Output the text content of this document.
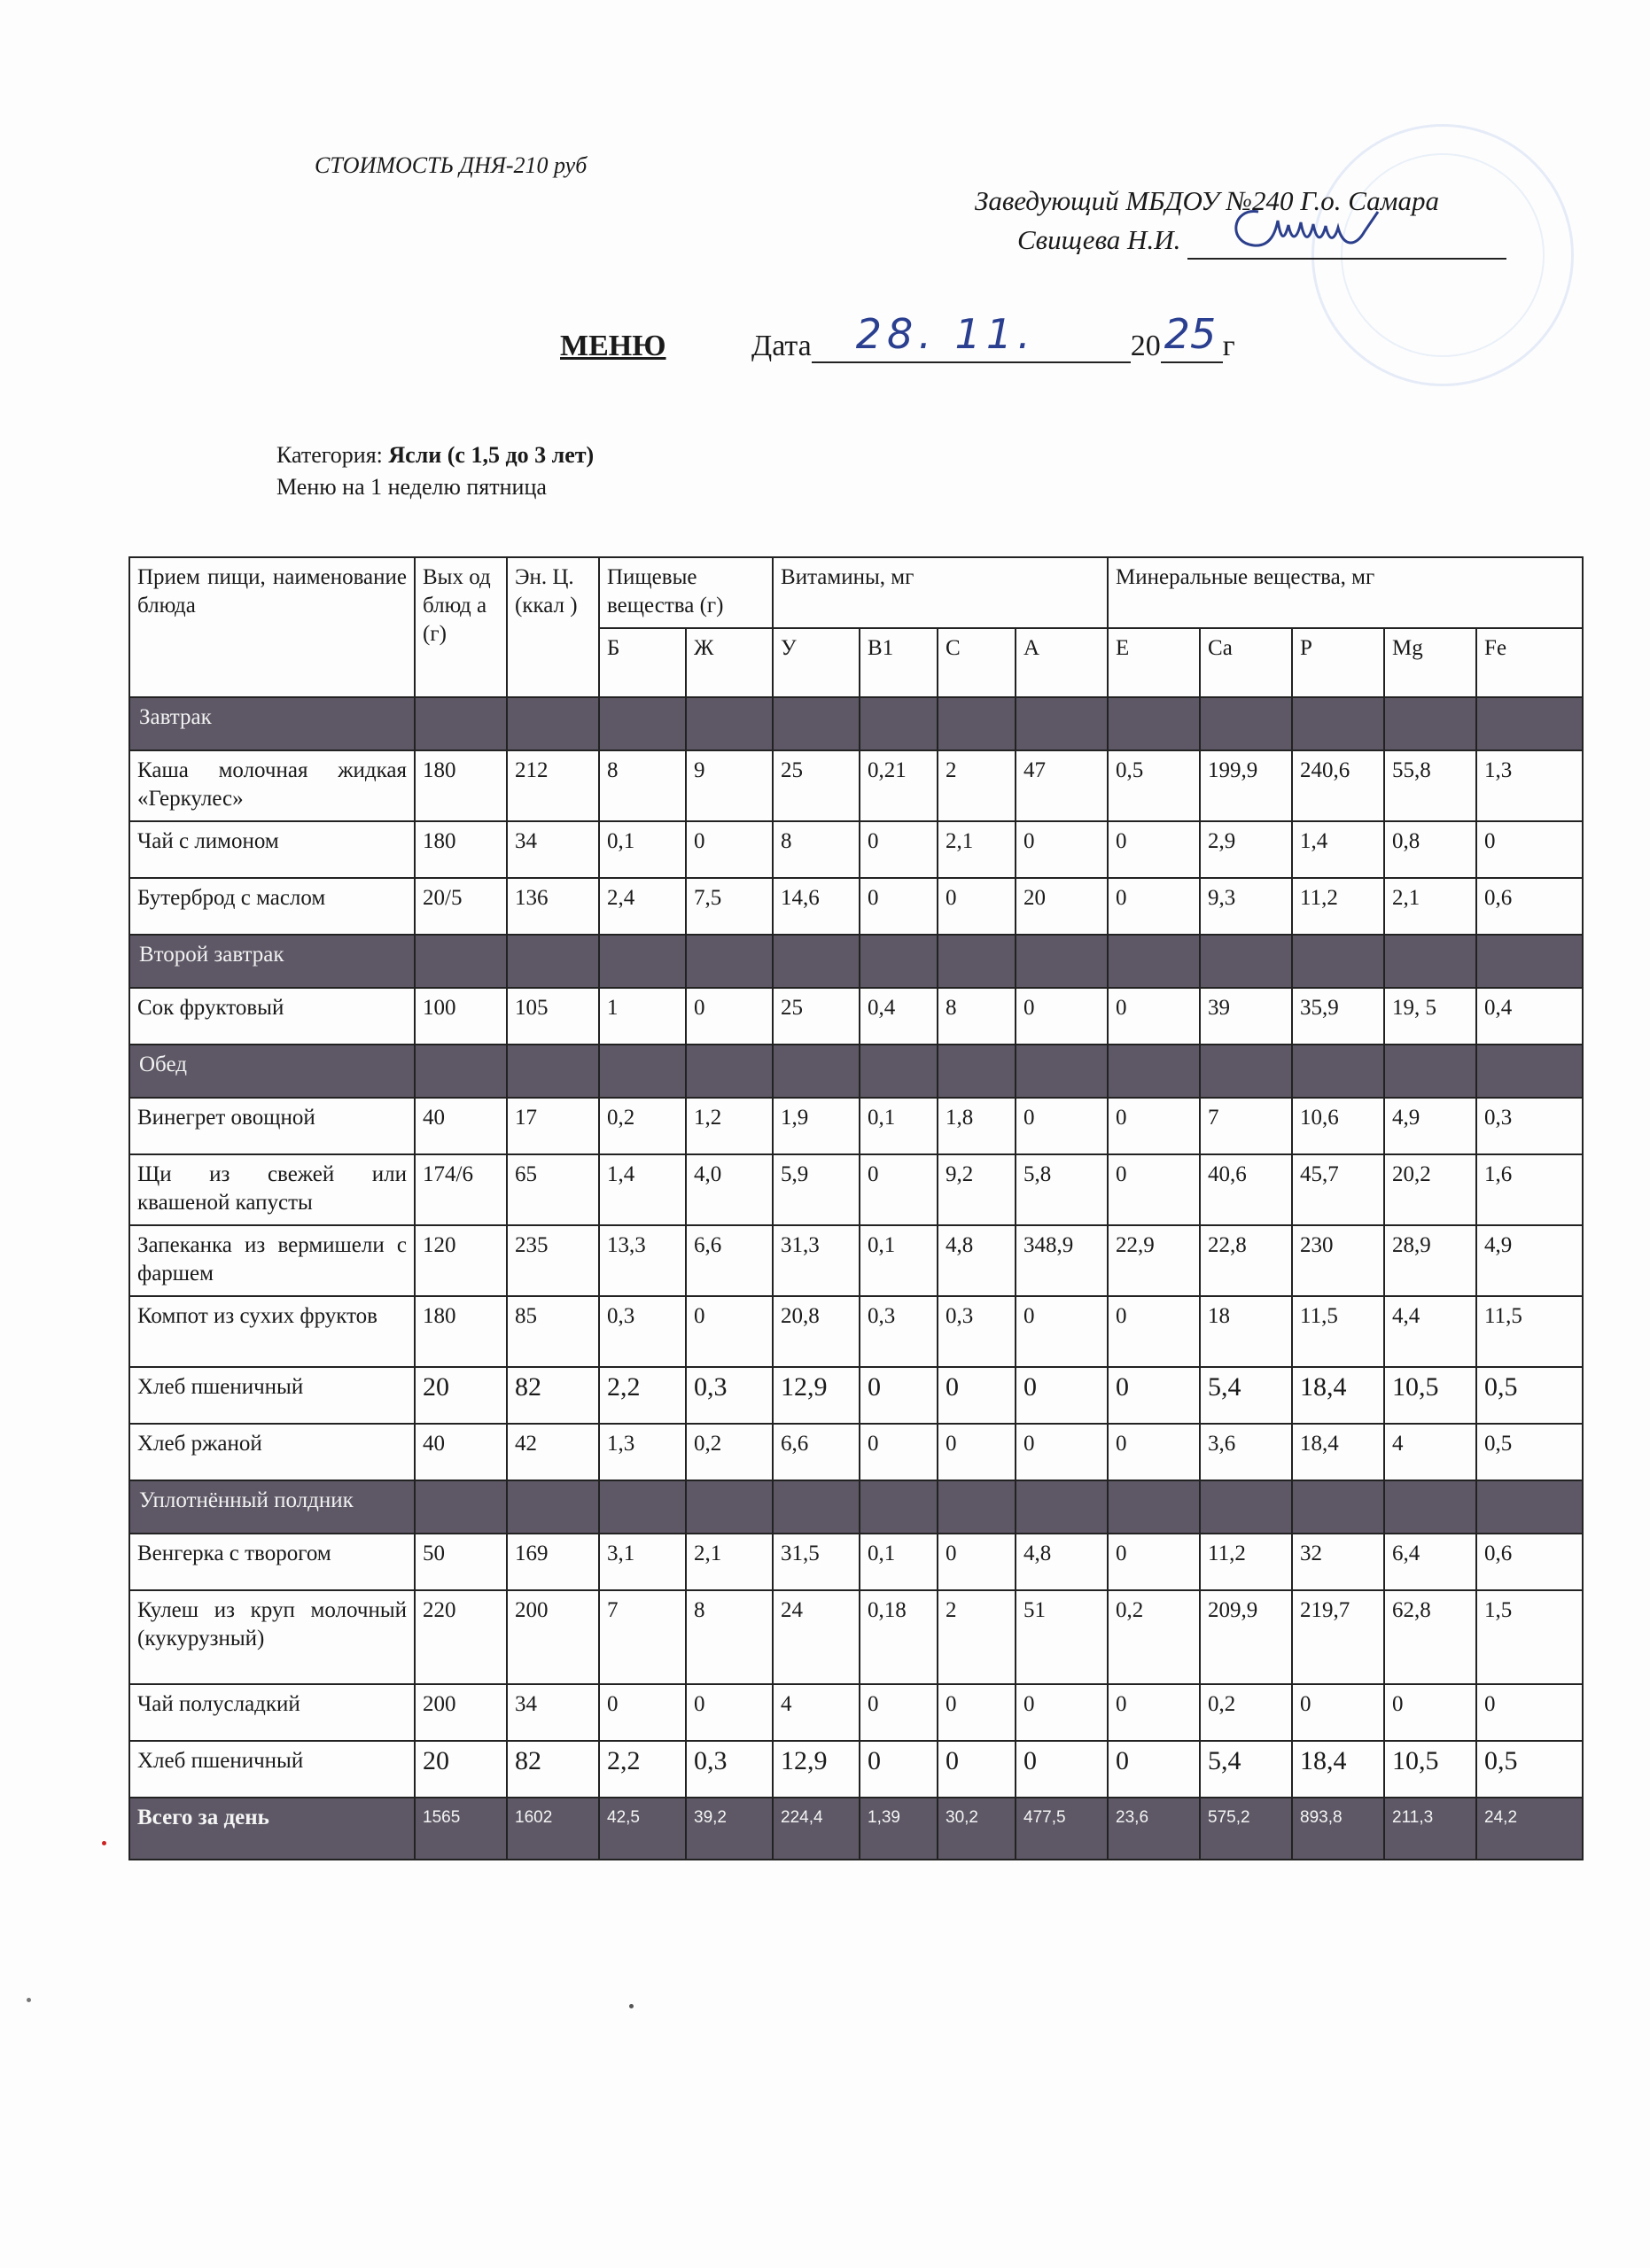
СТОИМОСТЬ ДНЯ-210 руб
Заведующий МБДОУ №240 Г.о. Самара
Свищева Н.И.
МЕНЮ	Дата 28. 11.	20 25 г
Категория: Ясли (с 1,5 до 3 лет)
Меню на 1 неделю пятница
Прием пищи, наименование блюда	Вых од блюд а (г)	Эн. Ц. (ккал )	Пищевые вещества (г)		Витамины, мг				Минеральные вещества, мг				
			Б	Ж	У	В1	С	А	Е	Ca	P	Mg	Fe
Завтрак													
Каша молочная жидкая «Геркулес»	180	212	8	9	25	0,21	2	47	0,5	199,9	240,6	55,8	1,3
Чай с лимоном	180	34	0,1	0	8	0	2,1	0	0	2,9	1,4	0,8	0
Бутерброд с маслом	20/5	136	2,4	7,5	14,6	0	0	20	0	9,3	11,2	2,1	0,6
Второй завтрак													
Сок фруктовый	100	105	1	0	25	0,4	8	0	0	39	35,9	19, 5	0,4
Обед													
Винегрет овощной	40	17	0,2	1,2	1,9	0,1	1,8	0	0	7	10,6	4,9	0,3
Щи из свежей или квашеной капусты	174/6	65	1,4	4,0	5,9	0	9,2	5,8	0	40,6	45,7	20,2	1,6
Запеканка из вермишели с фаршем	120	235	13,3	6,6	31,3	0,1	4,8	348,9	22,9	22,8	230	28,9	4,9
Компот из сухих фруктов	180	85	0,3	0	20,8	0,3	0,3	0	0	18	11,5	4,4	11,5
Хлеб пшеничный	20	82	2,2	0,3	12,9	0	0	0	0	5,4	18,4	10,5	0,5
Хлеб ржаной	40	42	1,3	0,2	6,6	0	0	0	0	3,6	18,4	4	0,5
Уплотнённый полдник													
Венгерка с творогом	50	169	3,1	2,1	31,5	0,1	0	4,8	0	11,2	32	6,4	0,6
Кулеш из круп молочный (кукурузный)	220	200	7	8	24	0,18	2	51	0,2	209,9	219,7	62,8	1,5
Чай полусладкий	200	34	0	0	4	0	0	0	0	0,2	0	0	0
Хлеб пшеничный	20	82	2,2	0,3	12,9	0	0	0	0	5,4	18,4	10,5	0,5
Всего за день	1565	1602	42,5	39,2	224,4	1,39	30,2	477,5	23,6	575,2	893,8	211,3	24,2
